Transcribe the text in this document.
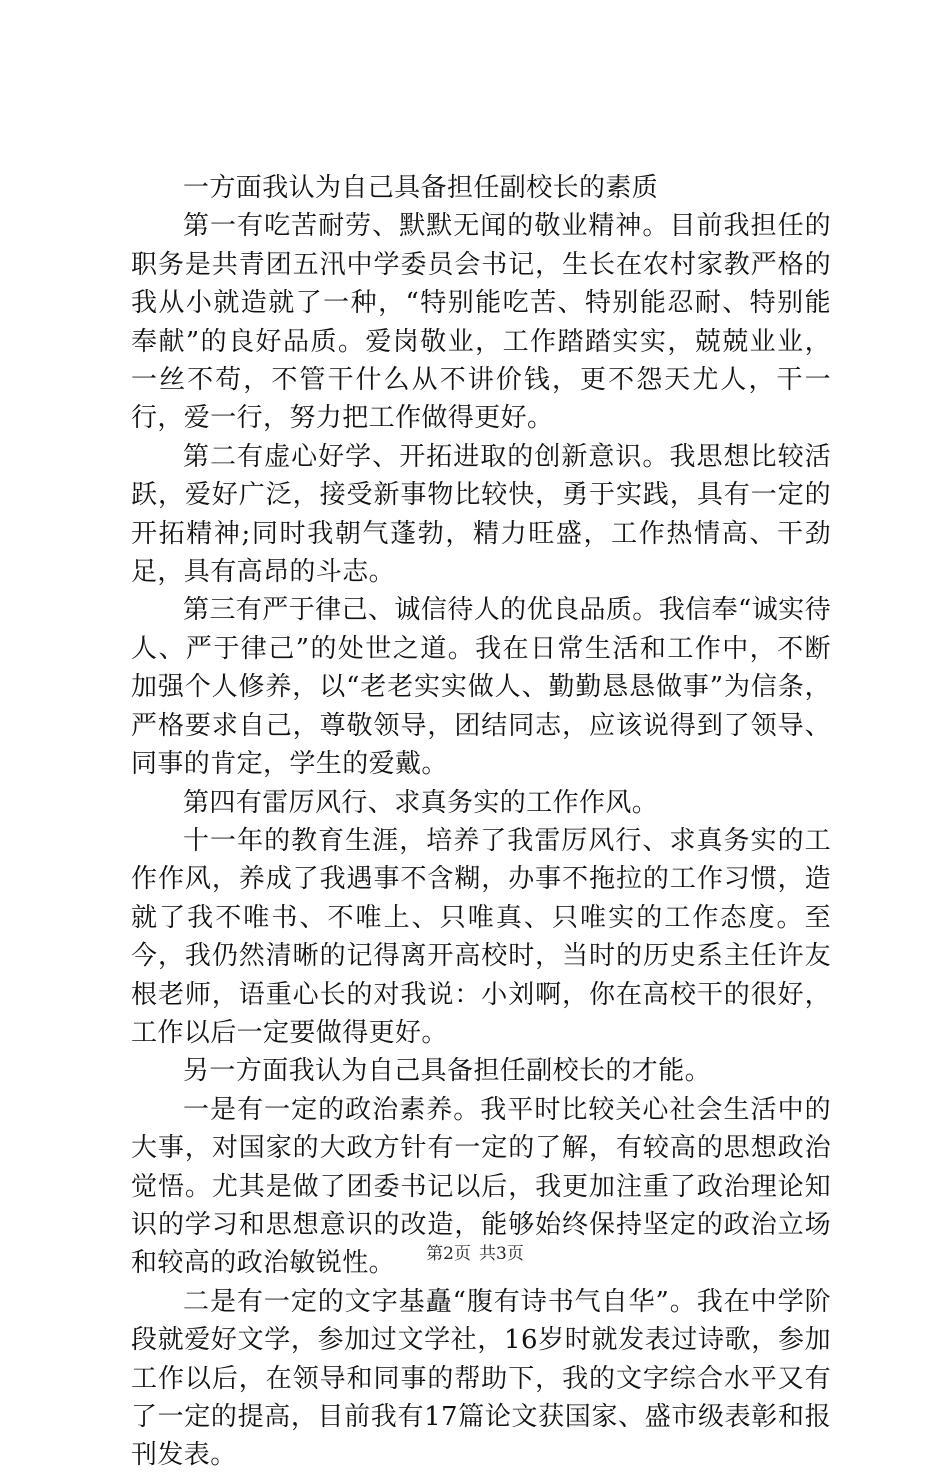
一方面我认为自己具备担任副校长的素质

第一有吃苦耐劳、默默无闻的敬业精神。目前我担任的职务是共青团五汛中学委员会书记，生长在农村家教严格的我从小就造就了一种，“特别能吃苦、特别能忍耐、特别能奉献”的良好品质。爱岗敬业，工作踏踏实实，兢兢业业，一丝不苟，不管干什么从不讲价钱，更不怨天尤人，干一行，爱一行，努力把工作做得更好。

第二有虚心好学、开拓进取的创新意识。我思想比较活跃，爱好广泛，接受新事物比较快，勇于实践，具有一定的开拓精神;同时我朝气蓬勃，精力旺盛，工作热情高、干劲足，具有高昂的斗志。

第三有严于律己、诚信待人的优良品质。我信奉“诚实待人、严于律己”的处世之道。我在日常生活和工作中，不断加强个人修养，以“老老实实做人、勤勤恳恳做事”为信条，严格要求自己，尊敬领导，团结同志，应该说得到了领导、同事的肯定，学生的爱戴。

第四有雷厉风行、求真务实的工作作风。

十一年的教育生涯，培养了我雷厉风行、求真务实的工作作风，养成了我遇事不含糊，办事不拖拉的工作习惯，造就了我不唯书、不唯上、只唯真、只唯实的工作态度。至今，我仍然清晰的记得离开高校时，当时的历史系主任许友根老师，语重心长的对我说：小刘啊，你在高校干的很好，工作以后一定要做得更好。

另一方面我认为自己具备担任副校长的才能。

一是有一定的政治素养。我平时比较关心社会生活中的大事，对国家的大政方针有一定的了解，有较高的思想政治觉悟。尤其是做了团委书记以后，我更加注重了政治理论知识的学习和思想意识的改造，能够始终保持坚定的政治立场和较高的政治敏锐性。

二是有一定的文字基矗“腹有诗书气自华”。我在中学阶段就爱好文学，参加过文学社，16岁时就发表过诗歌，参加工作以后，在领导和同事的帮助下，我的文字综合水平又有了一定的提高，目前我有17篇论文获国家、盛市级表彰和报刊发表。

第2页 共3页
